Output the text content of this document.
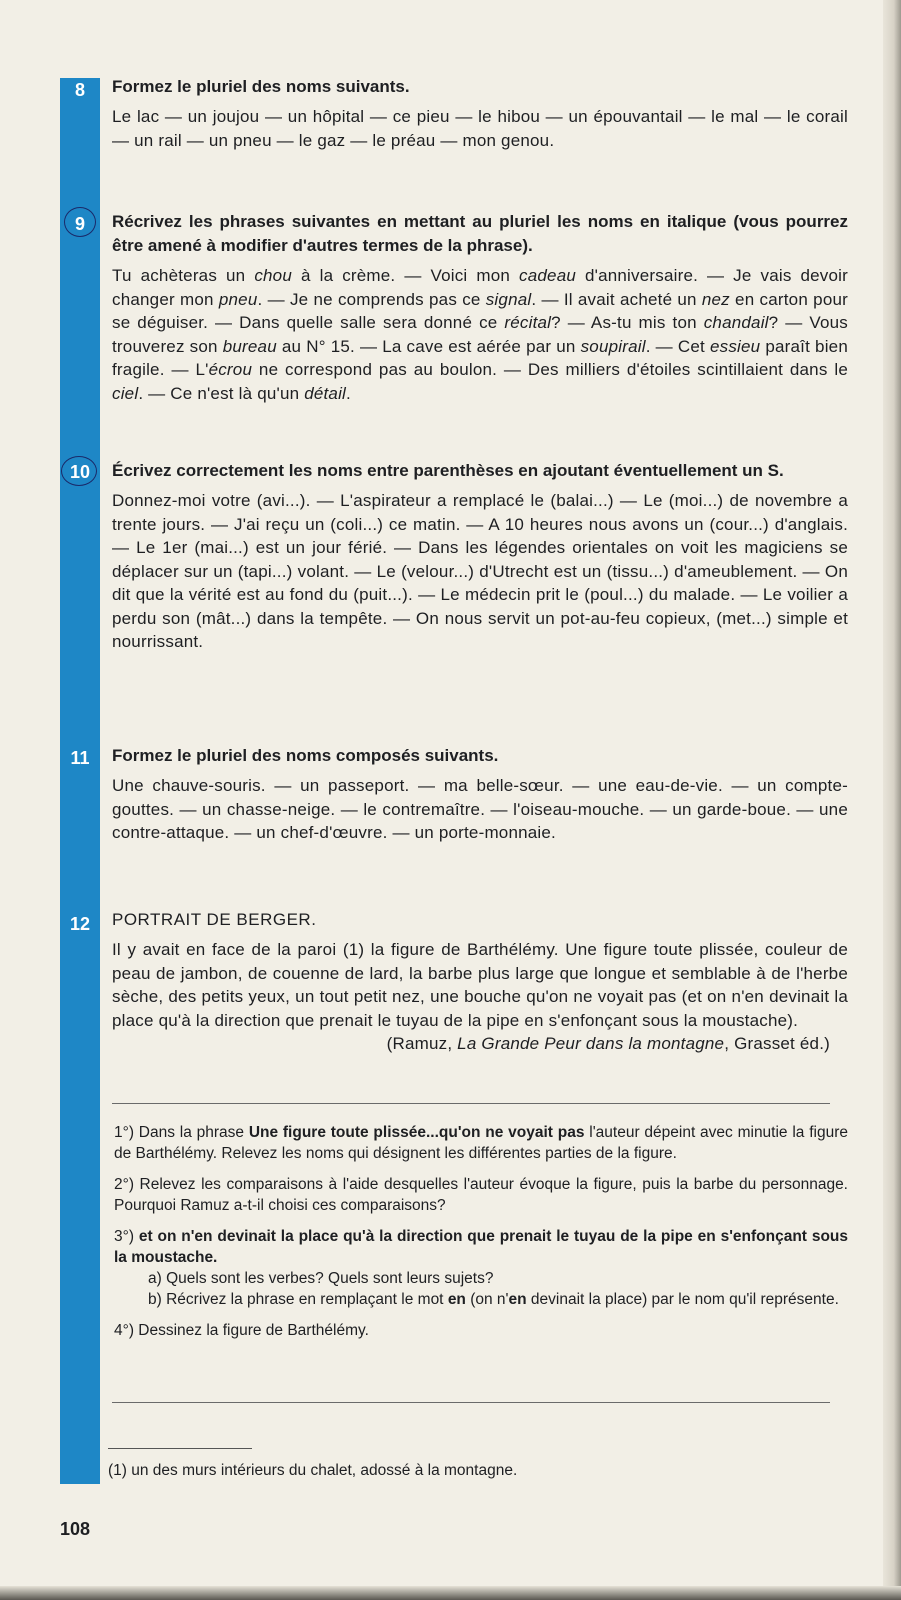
8
9
10
11
12

Formez le pluriel des noms suivants.

Le lac — un joujou — un hôpital — ce pieu — le hibou — un épouvantail — le mal — le corail — un rail — un pneu — le gaz — le préau — mon genou.

Récrivez les phrases suivantes en mettant au pluriel les noms en italique (vous pourrez être amené à modifier d'autres termes de la phrase).

Tu achèteras un chou à la crème. — Voici mon cadeau d'anniversaire. — Je vais devoir changer mon pneu. — Je ne comprends pas ce signal. — Il avait acheté un nez en carton pour se déguiser. — Dans quelle salle sera donné ce récital? — As-tu mis ton chandail? — Vous trouverez son bureau au N° 15. — La cave est aérée par un soupirail. — Cet essieu paraît bien fragile. — L'écrou ne correspond pas au boulon. — Des milliers d'étoiles scintillaient dans le ciel. — Ce n'est là qu'un détail.

Écrivez correctement les noms entre parenthèses en ajoutant éventuellement un S.

Donnez-moi votre (avi...). — L'aspirateur a remplacé le (balai...) — Le (moi...) de novembre a trente jours. — J'ai reçu un (coli...) ce matin. — A 10 heures nous avons un (cour...) d'anglais. — Le 1er (mai...) est un jour férié. — Dans les légendes orientales on voit les magiciens se déplacer sur un (tapi...) volant. — Le (velour...) d'Utrecht est un (tissu...) d'ameublement. — On dit que la vérité est au fond du (puit...). — Le médecin prit le (poul...) du malade. — Le voilier a perdu son (mât...) dans la tempête. — On nous servit un pot-au-feu copieux, (met...) simple et nourrissant.

Formez le pluriel des noms composés suivants.

Une chauve-souris. — un passeport. — ma belle-sœur. — une eau-de-vie. — un compte-gouttes. — un chasse-neige. — le contremaître. — l'oiseau-mouche. — un garde-boue. — une contre-attaque. — un chef-d'œuvre. — un porte-monnaie.

PORTRAIT DE BERGER.

Il y avait en face de la paroi (1) la figure de Barthélémy. Une figure toute plissée, couleur de peau de jambon, de couenne de lard, la barbe plus large que longue et semblable à de l'herbe sèche, des petits yeux, un tout petit nez, une bouche qu'on ne voyait pas (et on n'en devinait la place qu'à la direction que prenait le tuyau de la pipe en s'enfonçant sous la moustache).

(Ramuz, La Grande Peur dans la montagne, Grasset éd.)

1°) Dans la phrase Une figure toute plissée...qu'on ne voyait pas l'auteur dépeint avec minutie la figure de Barthélémy. Relevez les noms qui désignent les différentes parties de la figure.

2°) Relevez les comparaisons à l'aide desquelles l'auteur évoque la figure, puis la barbe du personnage. Pourquoi Ramuz a-t-il choisi ces comparaisons?

3°) et on n'en devinait la place qu'à la direction que prenait le tuyau de la pipe en s'enfonçant sous la moustache.

a) Quels sont les verbes? Quels sont leurs sujets?

b) Récrivez la phrase en remplaçant le mot en (on n'en devinait la place) par le nom qu'il représente.

4°) Dessinez la figure de Barthélémy.

(1) un des murs intérieurs du chalet, adossé à la montagne.
108
